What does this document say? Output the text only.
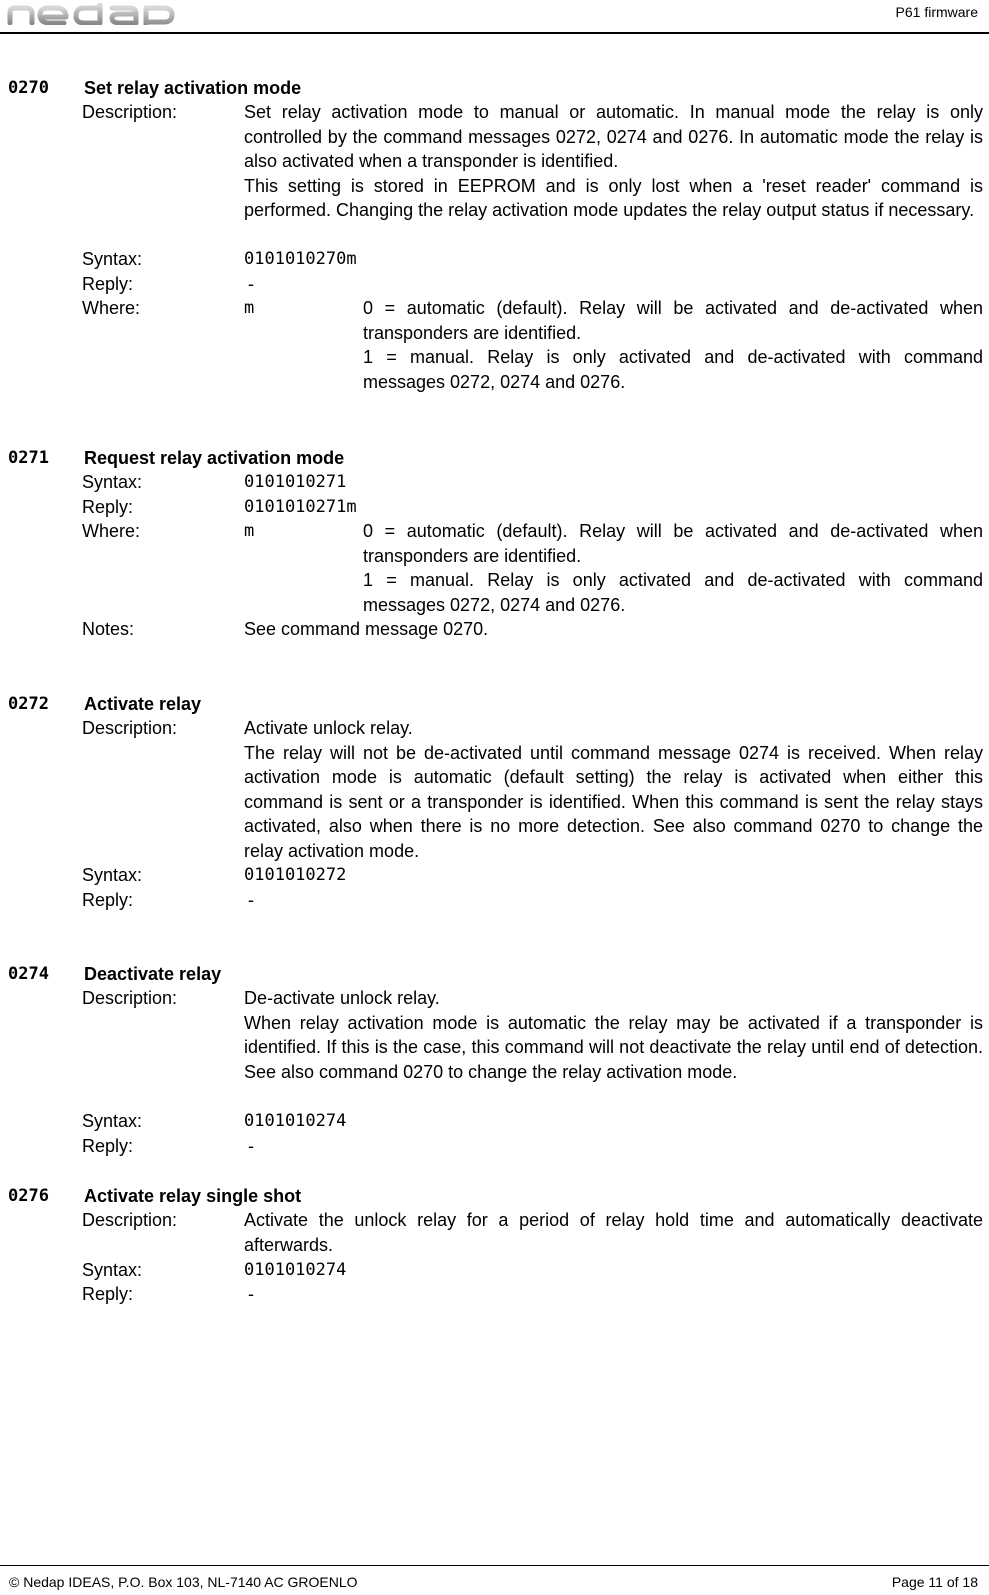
P61 firmware
0270 Set relay activation mode
Description:	Set relay activation mode to manual or automatic. In manual mode the relay is only controlled by the command messages 0272, 0274 and 0276. In automatic mode the relay is also activated when a transponder is identified.

This setting is stored in EEPROM and is only lost when a 'reset reader' command is performed. Changing the relay activation mode updates the relay output status if necessary.

Syntax:	0101010270m
Reply:	-
Where:	m	0 = automatic (default). Relay will be activated and de-activated when transponders are identified.

1 = manual. Relay is only activated and de-activated with command messages 0272, 0274 and 0276.

0271 Request relay activation mode
Syntax:	0101010271
Reply:	0101010271m
Where:	m	0 = automatic (default). Relay will be activated and de-activated when transponders are identified.

1 = manual. Relay is only activated and de-activated with command messages 0272, 0274 and 0276.

Notes:	See command message 0270.
0272 Activate relay
Description:	Activate unlock relay.

The relay will not be de-activated until command message 0274 is received. When relay activation mode is automatic (default setting) the relay is activated when either this command is sent or a transponder is identified. When this command is sent the relay stays activated, also when there is no more detection. See also command 0270 to change the relay activation mode.

Syntax:	0101010272
Reply:	-
0274 Deactivate relay
Description:	De-activate unlock relay.

When relay activation mode is automatic the relay may be activated if a transponder is identified. If this is the case, this command will not deactivate the relay until end of detection. See also command 0270 to change the relay activation mode.

Syntax:	0101010274
Reply:	-
0276 Activate relay single shot
Description:	Activate the unlock relay for a period of relay hold time and automatically deactivate afterwards.

Syntax:	0101010274
Reply:	-
© Nedap IDEAS, P.O. Box 103, NL-7140 AC GROENLO	Page 11 of 18
